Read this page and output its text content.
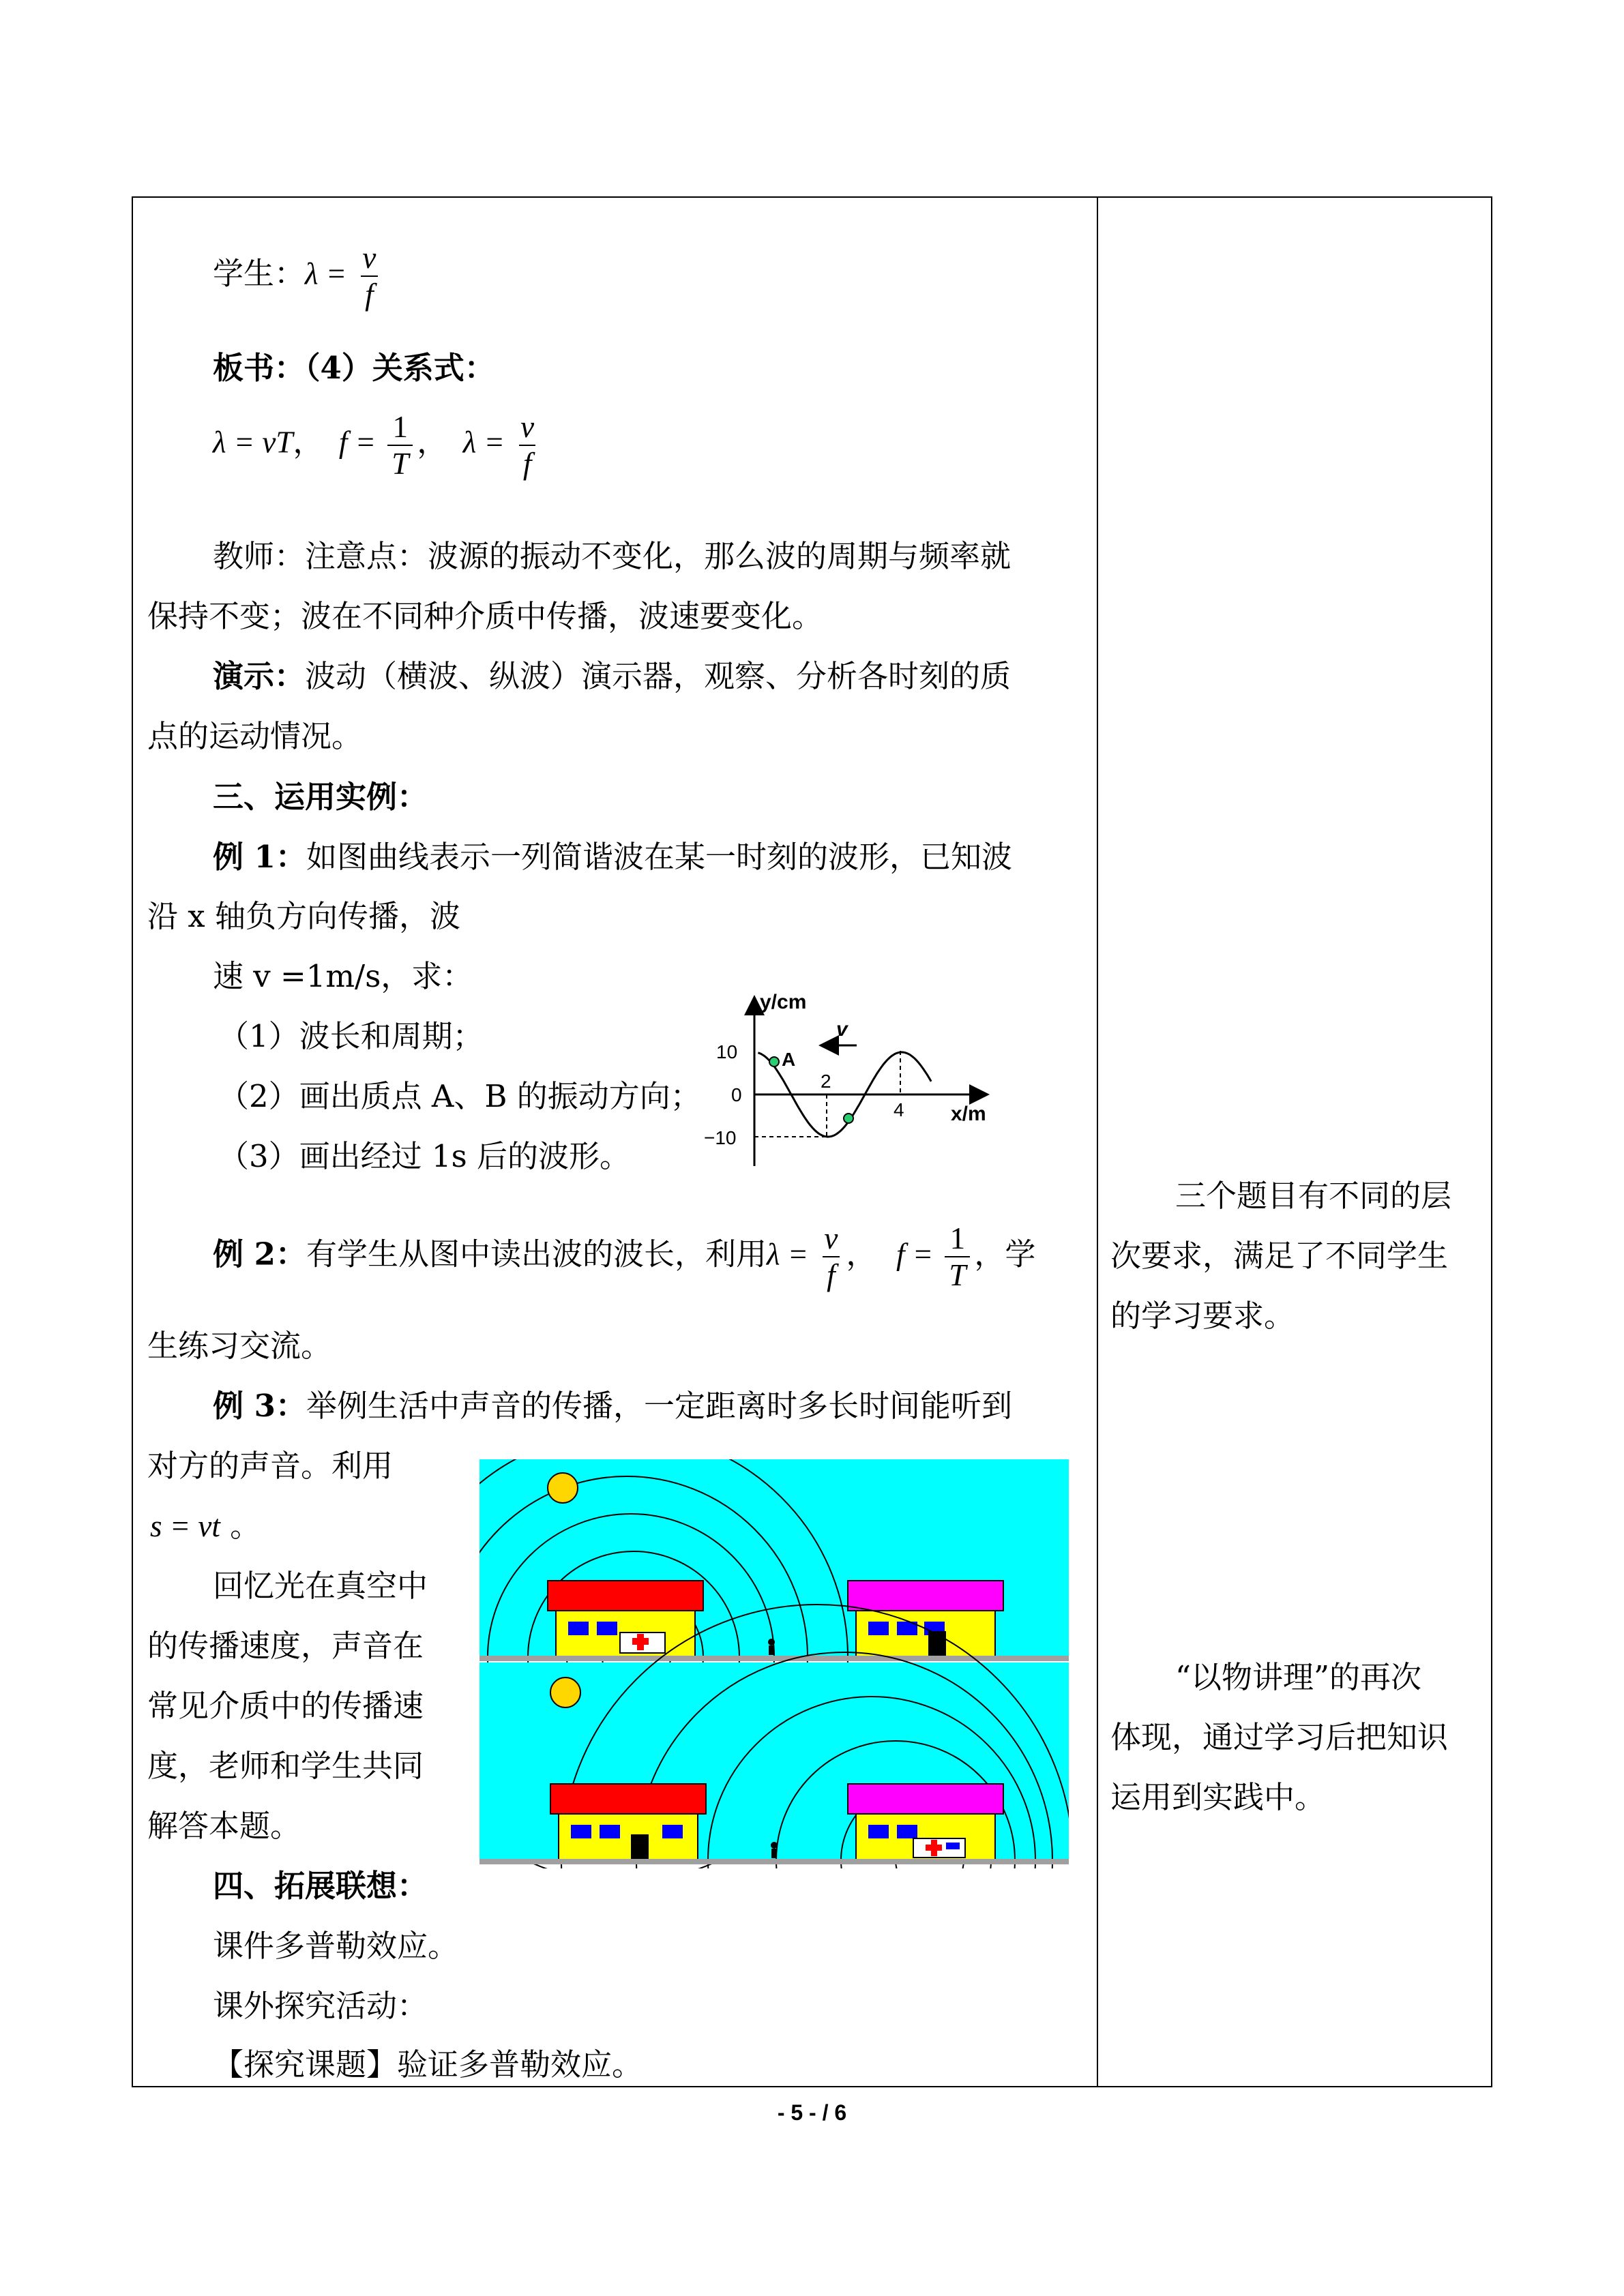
学生：$\lambda = \frac{v}{f}$
板书：（4）关系式：
λ = vT，  $f = \frac{1}{T}$ ，  $\lambda = \frac{v}{f}$
教师：注意点：波源的振动不变化，那么波的周期与频率就
保持不变；波在不同种介质中传播，波速要变化。
演示：波动（横波、纵波）演示器，观察、分析各时刻的质
点的运动情况。
三、运用实例：
例 1：如图曲线表示一列简谐波在某一时刻的波形，已知波
沿 x 轴负方向传播，波
速 v =1m/s，求：
（1）波长和周期；
（2）画出质点 A、B 的振动方向；
（3）画出经过 1s 后的波形。
y/cm
x/m
10
0
−10
2
4
A
v
例 2：有学生从图中读出波的波长，利用$\lambda = \frac{v}{f}$ ， $f = \frac{1}{T}$ ，学
生练习交流。
例 3：举例生活中声音的传播，一定距离时多长时间能听到
对方的声音。利用
s = vt 。
回忆光在真空中
的传播速度，声音在
常见介质中的传播速
度，老师和学生共同
解答本题。
四、拓展联想：
课件多普勒效应。
课外探究活动：
【探究课题】验证多普勒效应。
三个题目有不同的层
次要求，满足了不同学生
的学习要求。
“以物讲理”的再次
体现，通过学习后把知识
运用到实践中。
- 5 - / 6
